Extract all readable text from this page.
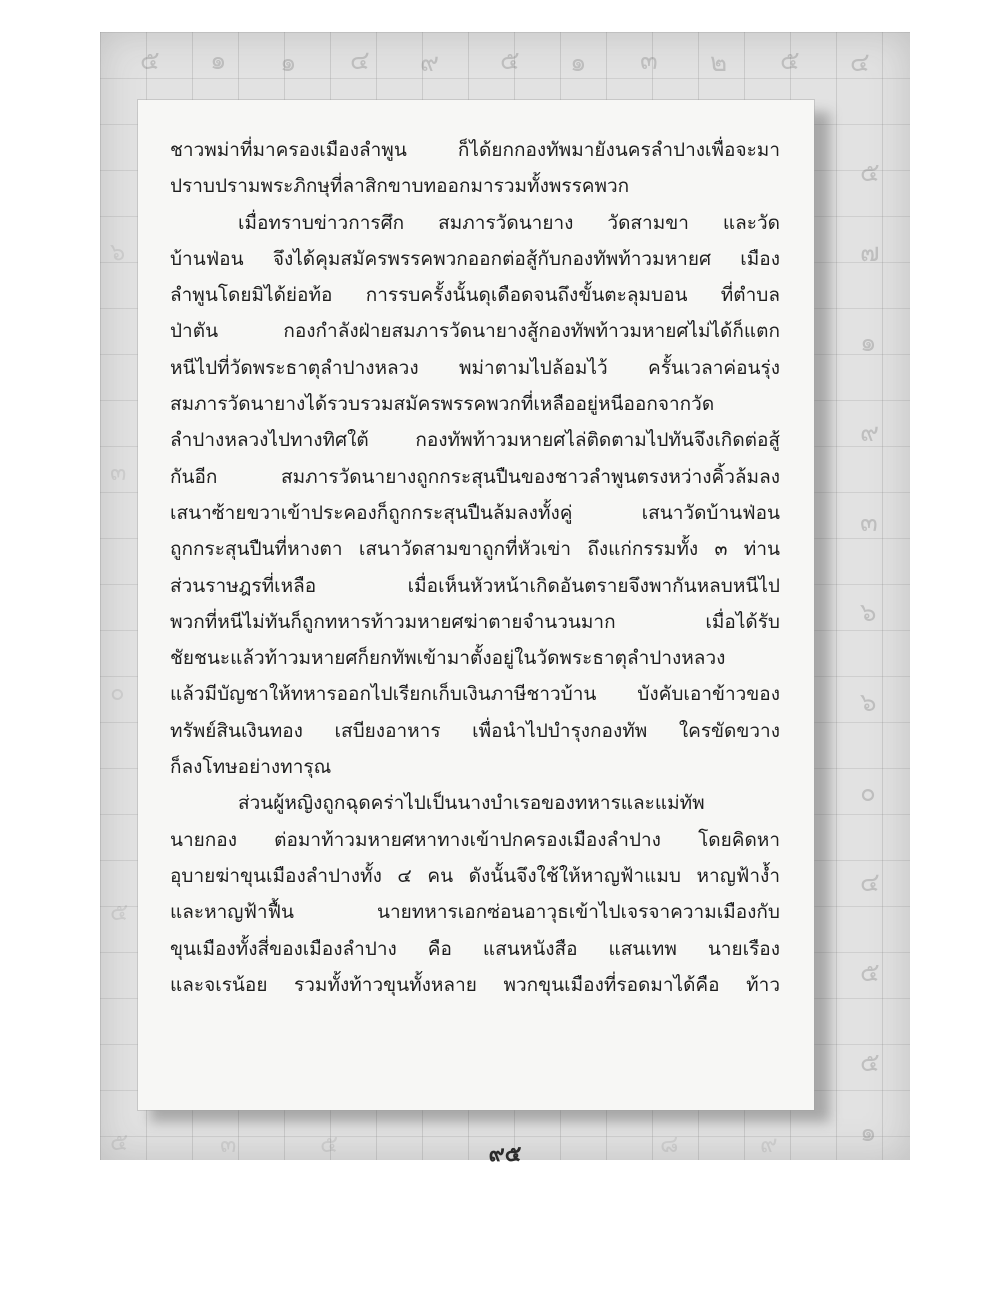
๕ ๑ ๑ ๔ ๙ ๕ ๑ ๓ ๒ ๕ ๔
๕
๗
๑
๙
๓
๖
๖
๐
๔
๕
๕
๑
๖
๓
๐
๕
๕	๓	๕	๘	๙
ชาวพม่าที่มาครองเมืองลำพูน ก็ได้ยกกองทัพมายังนครลำปางเพื่อจะมา
ปราบปรามพระภิกษุที่ลาสิกขาบทออกมารวมทั้งพรรคพวก
เมื่อทราบข่าวการศึก สมภารวัดนายาง วัดสามขา และวัด
บ้านฟ่อน จึงได้คุมสมัครพรรคพวกออกต่อสู้กับกองทัพท้าวมหายศ เมือง
ลำพูนโดยมิได้ย่อท้อ การรบครั้งนั้นดุเดือดจนถึงขั้นตะลุมบอน ที่ตำบล
ป่าตัน กองกำลังฝ่ายสมภารวัดนายางสู้กองทัพท้าวมหายศไม่ได้ก็แตก
หนีไปที่วัดพระธาตุลำปางหลวง พม่าตามไปล้อมไว้ ครั้นเวลาค่อนรุ่ง
สมภารวัดนายางได้รวบรวมสมัครพรรคพวกที่เหลืออยู่หนีออกจากวัด
ลำปางหลวงไปทางทิศใต้ กองทัพท้าวมหายศไล่ติดตามไปทันจึงเกิดต่อสู้
กันอีก สมภารวัดนายางถูกกระสุนปืนของชาวลำพูนตรงหว่างคิ้วล้มลง
เสนาซ้ายขวาเข้าประคองก็ถูกกระสุนปืนล้มลงทั้งคู่ เสนาวัดบ้านฟ่อน
ถูกกระสุนปืนที่หางตา เสนาวัดสามขาถูกที่หัวเข่า ถึงแก่กรรมทั้ง ๓ ท่าน
ส่วนราษฎรที่เหลือ เมื่อเห็นหัวหน้าเกิดอันตรายจึงพากันหลบหนีไป
พวกที่หนีไม่ทันก็ถูกทหารท้าวมหายศฆ่าตายจำนวนมาก เมื่อได้รับ
ชัยชนะแล้วท้าวมหายศก็ยกทัพเข้ามาตั้งอยู่ในวัดพระธาตุลำปางหลวง
แล้วมีบัญชาให้ทหารออกไปเรียกเก็บเงินภาษีชาวบ้าน บังคับเอาข้าวของ
ทรัพย์สินเงินทอง เสบียงอาหาร เพื่อนำไปบำรุงกองทัพ ใครขัดขวาง
ก็ลงโทษอย่างทารุณ
ส่วนผู้หญิงถูกฉุดคร่าไปเป็นนางบำเรอของทหารและแม่ทัพ
นายกอง ต่อมาท้าวมหายศหาทางเข้าปกครองเมืองลำปาง โดยคิดหา
อุบายฆ่าขุนเมืองลำปางทั้ง ๔ คน ดังนั้นจึงใช้ให้หาญฟ้าแมบ หาญฟ้าง้ำ
และหาญฟ้าฟื้น นายทหารเอกซ่อนอาวุธเข้าไปเจรจาความเมืองกับ
ขุนเมืองทั้งสี่ของเมืองลำปาง คือ แสนหนังสือ แสนเทพ นายเรือง
และจเรน้อย รวมทั้งท้าวขุนทั้งหลาย พวกขุนเมืองที่รอดมาได้คือ ท้าว
๙๕
